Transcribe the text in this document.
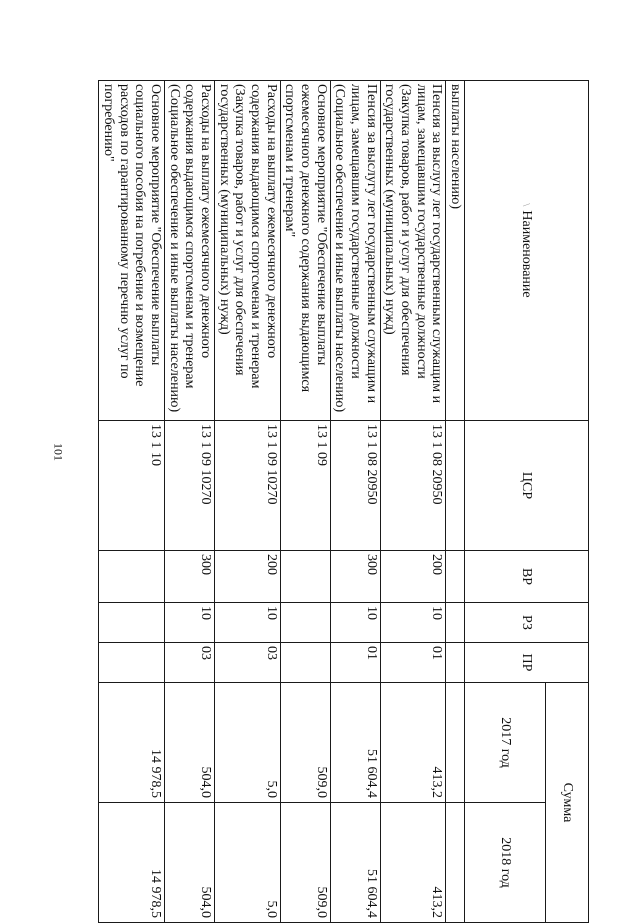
101
\Наименование	ЦСР	ВР	РЗ	ПР	Сумма	
					2017 год	2018 год
выплаты населению)						
Пенсия за выслугу лет государственным служащим и лицам, замещавшим государственные должности (Закупка товаров, работ и услуг для обеспечения государственных (муниципальных) нужд)	13 1 08 20950	200	10	01	413,2	413,2
Пенсия за выслугу лет государственным служащим и лицам, замещавшим государственные должности (Социальное обеспечение и иные выплаты населению)	13 1 08 20950	300	10	01	51 604,4	51 604,4
Основное мероприятие "Обеспечение выплаты ежемесячного денежного содержания выдающимся спортсменам и тренерам"	13 1 09				509,0	509,0
Расходы на выплату ежемесячного денежного содержания выдающимся спортсменам и тренерам (Закупка товаров, работ и услуг для обеспечения государственных (муниципальных) нужд)	13 1 09 10270	200	10	03	5,0	5,0
Расходы на выплату ежемесячного денежного содержания выдающимся спортсменам и тренерам (Социальное обеспечение и иные выплаты населению)	13 1 09 10270	300	10	03	504,0	504,0
Основное мероприятие "Обеспечение выплаты социального пособия на погребение и возмещение расходов по гарантированному перечню услуг по погребению"	13 1 10				14 978,5	14 978,5
